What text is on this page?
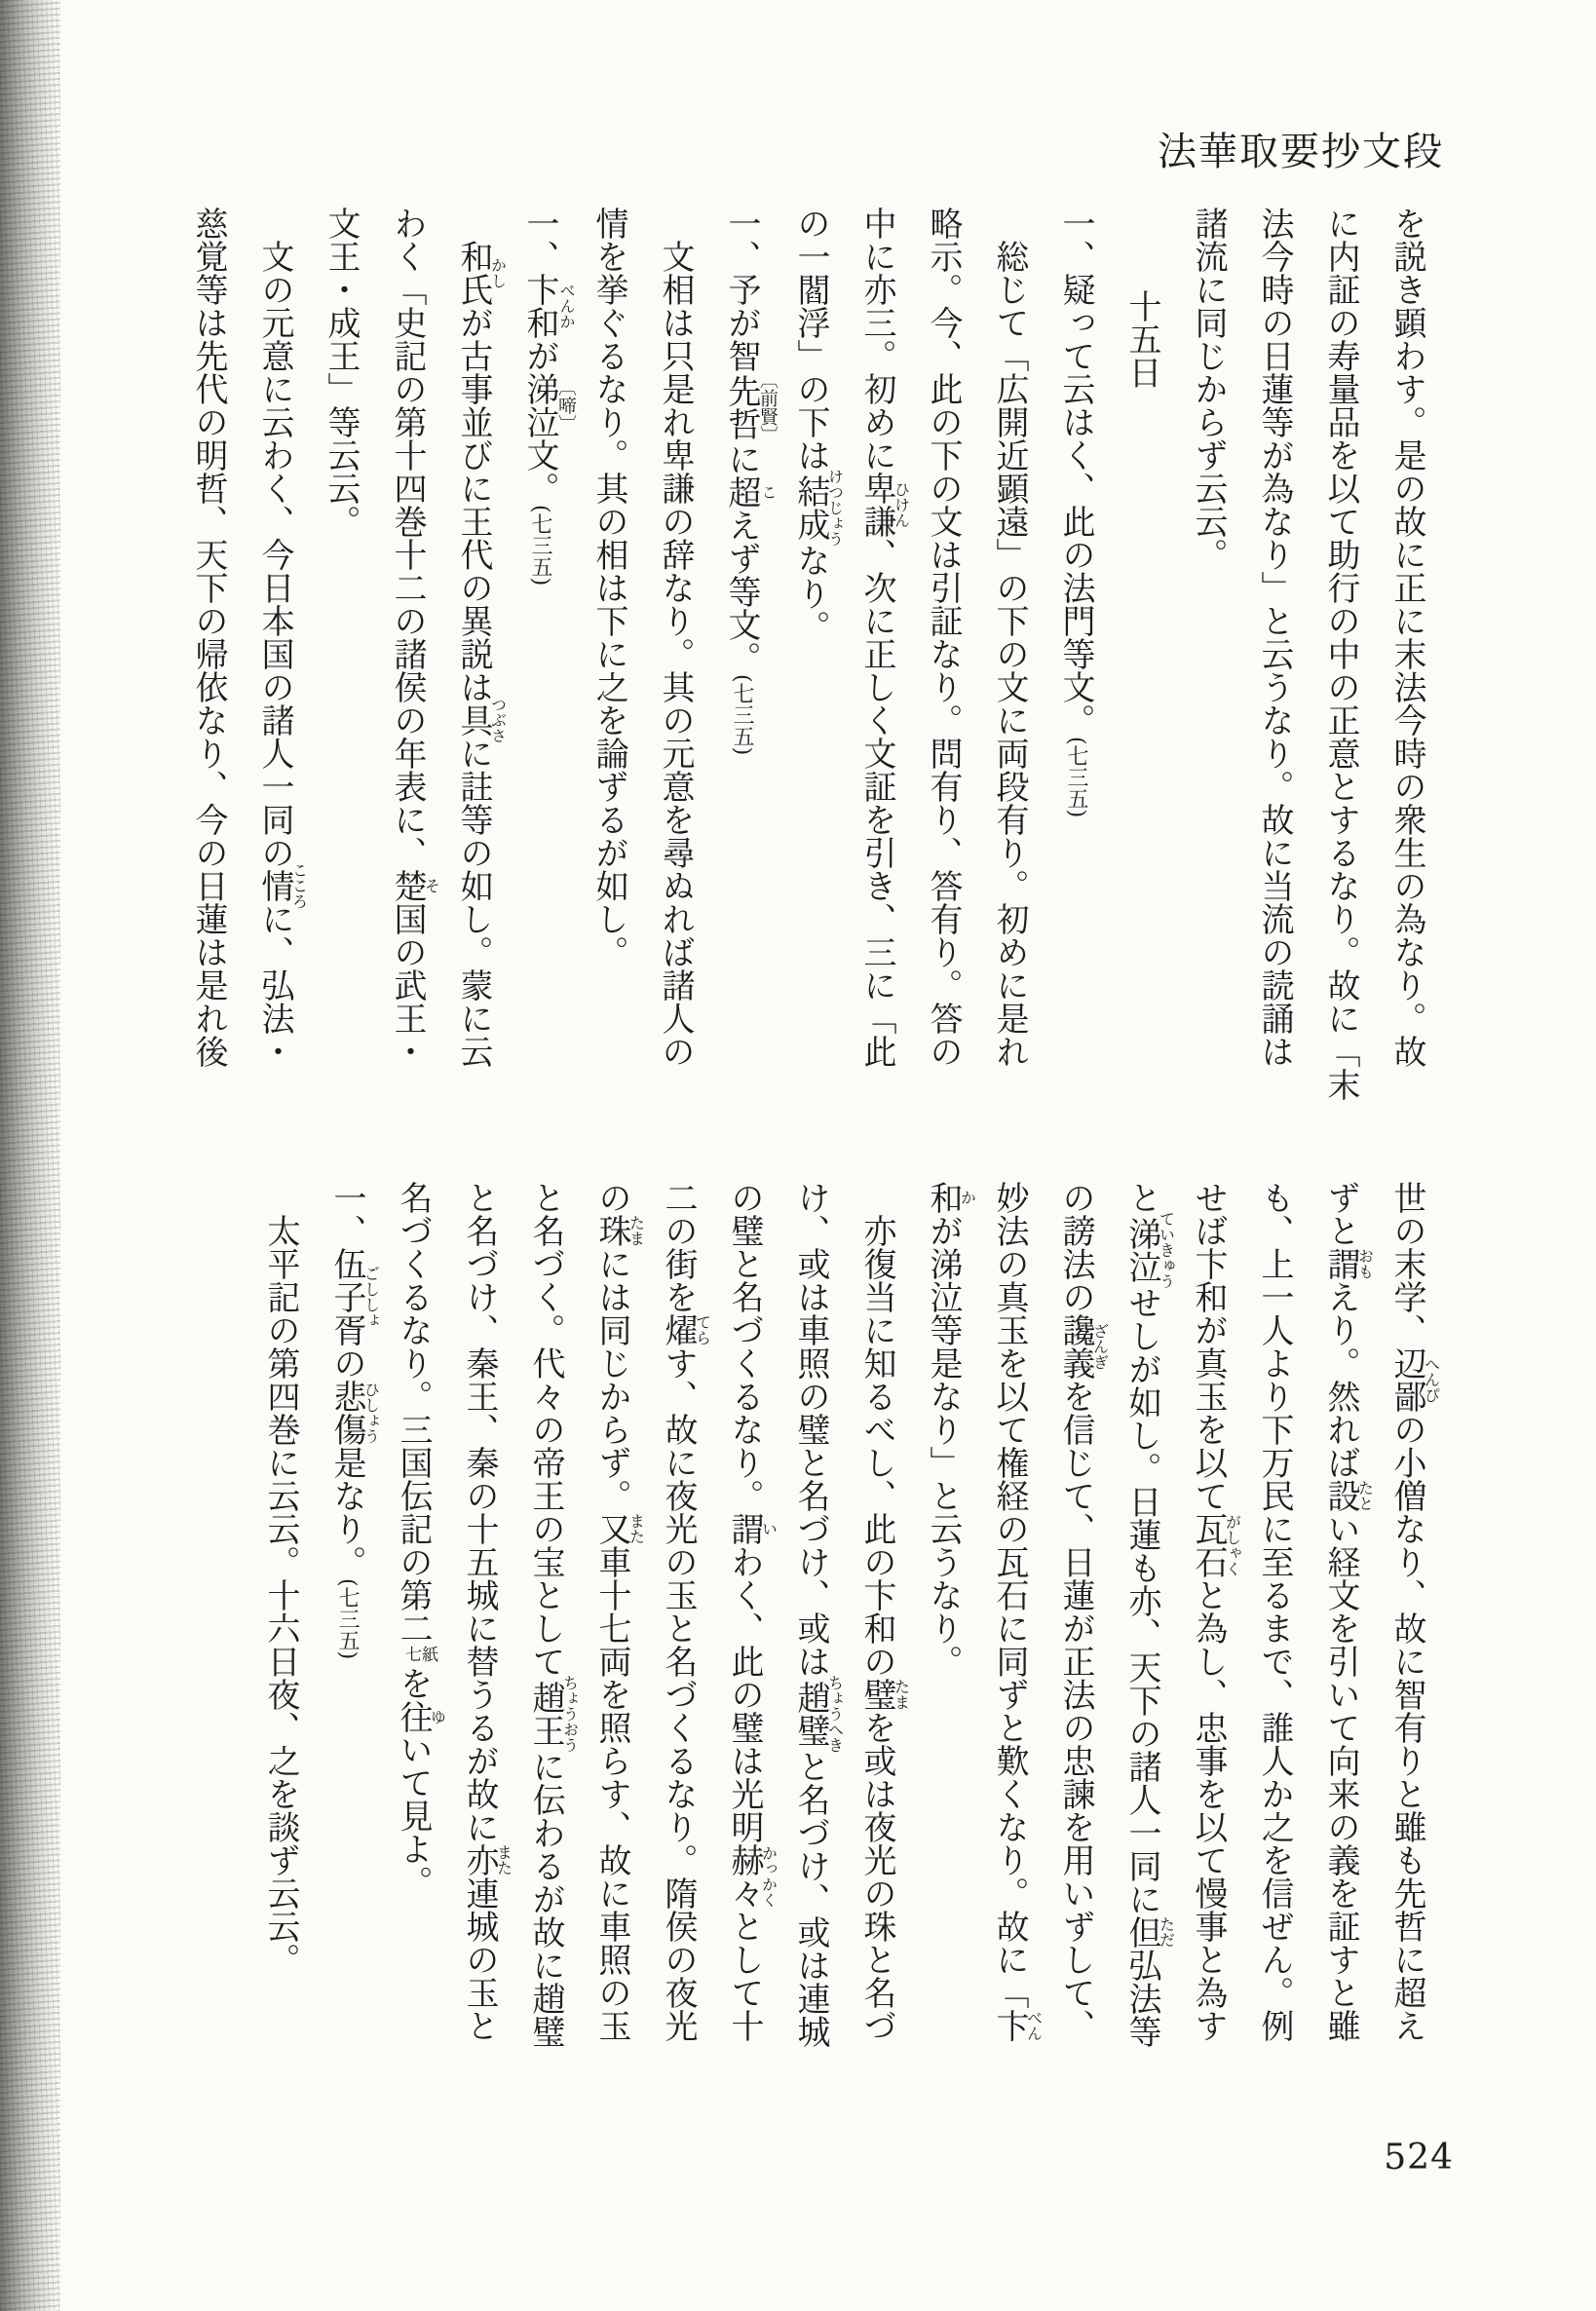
法華取要抄文段

を説き顕わす。是の故に正に末法今時の衆生の為なり。故

に内証の寿量品を以て助行の中の正意とするなり。故に「末

法今時の日蓮等が為なり」と云うなり。故に当流の読誦は

諸流に同じからず云云。

十五日

一、疑って云はく、此の法門等文。(七三五)

総じて「広開近顕遠」の下の文に両段有り。初めに是れ

略示。今、此の下の文は引証なり。問有り、答有り。答の

中に亦三。初めに卑謙ひけん、次に正しく文証を引き、三に「此

の一閻浮」の下は結成けつじょうなり。

一、予が智先哲〔前賢〕に超こえず等文。(七三五)

文相は只是れ卑謙の辞なり。其の元意を尋ぬれば諸人の

情を挙ぐるなり。其の相は下に之を論ずるが如し。

一、卞和べんかが涕泣〔啼〕文。(七三五)

和氏かしが古事並びに王代の異説は具つぶさに註等の如し。蒙に云

わく「史記の第十四巻十二の諸侯の年表に、楚そ国の武王・

文王・成王」等云云。

文の元意に云わく、今日本国の諸人一同の情こころに、弘法・

慈覚等は先代の明哲、天下の帰依なり、今の日蓮は是れ後

世の末学、辺鄙へんぴの小僧なり、故に智有りと雖も先哲に超え

ずと謂おもえり。然れば設たとい経文を引いて向来の義を証すと雖

も、上一人より下万民に至るまで、誰人か之を信ぜん。例

せば卞和が真玉を以て瓦石がしゃくと為し、忠事を以て慢事と為す

と涕泣ていきゅうせしが如し。日蓮も亦、天下の諸人一同に但ただ弘法等

の謗法の讒義ざんぎを信じて、日蓮が正法の忠諫を用いずして、

妙法の真玉を以て権経の瓦石に同ずと歎くなり。故に「卞べん

和かが涕泣等是なり」と云うなり。

亦復当に知るべし、此の卞和の璧たまを或は夜光の珠と名づ

け、或は車照の璧と名づけ、或は趙璧ちょうへきと名づけ、或は連城

の璧と名づくるなり。謂いわく、此の璧は光明赫々かっかくとして十

二の街を燿てらす、故に夜光の玉と名づくるなり。隋侯の夜光

の珠たまには同じからず。又また車十七両を照らす、故に車照の玉

と名づく。代々の帝王の宝として趙王ちょうおうに伝わるが故に趙璧

と名づけ、秦王、秦の十五城に替うるが故に亦また連城の玉と

名づくるなり。三国伝記の第二七紙を往ゆいて見よ。

一、伍子胥ごししょの悲傷ひしょう是なり。(七三五)

太平記の第四巻に云云。十六日夜、之を談ず云云。

524
